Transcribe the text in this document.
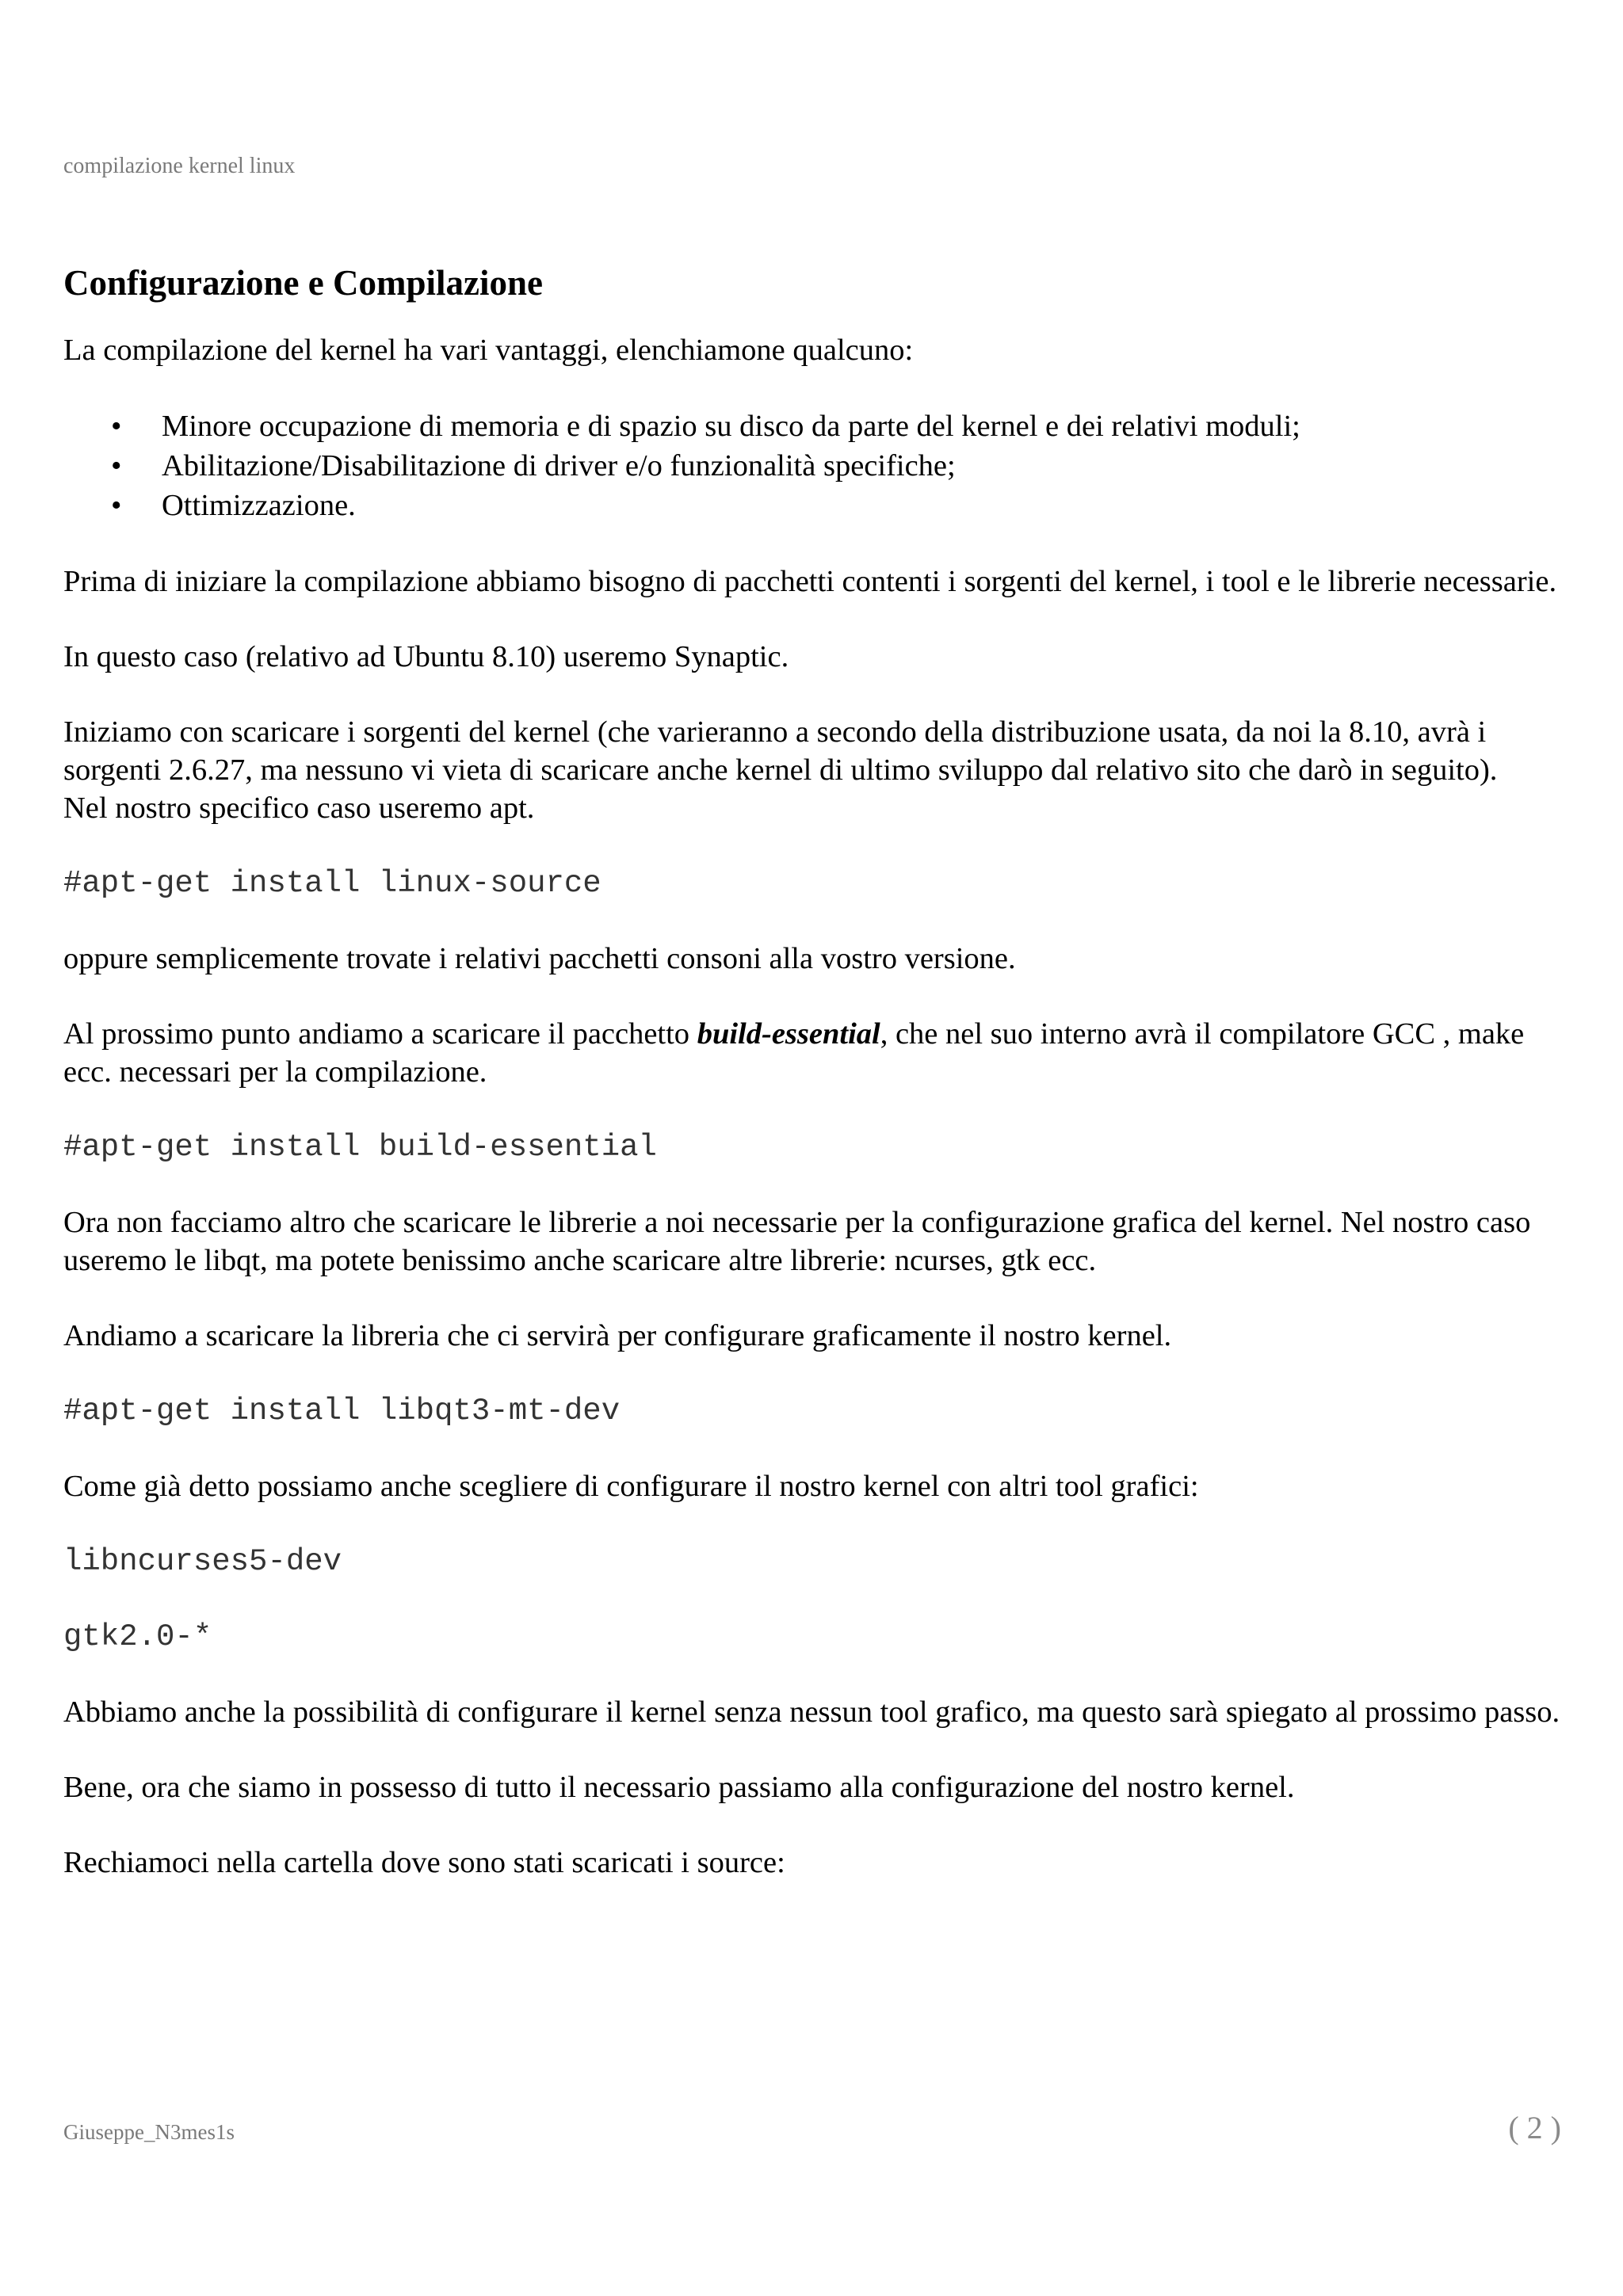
compilazione kernel linux
Configurazione e Compilazione

La compilazione del kernel ha vari vantaggi, elenchiamone qualcuno:

• Minore occupazione di memoria e di spazio su disco da parte del kernel e dei relativi moduli;
• Abilitazione/Disabilitazione di driver e/o funzionalità specifiche;
• Ottimizzazione.

Prima di iniziare la compilazione abbiamo bisogno di pacchetti contenti i sorgenti del kernel, i tool e le librerie necessarie.

In questo caso (relativo ad Ubuntu 8.10) useremo Synaptic.

Iniziamo con scaricare i sorgenti del kernel (che varieranno a secondo della distribuzione usata, da noi la 8.10, avrà i sorgenti 2.6.27, ma nessuno vi vieta di scaricare anche kernel di ultimo sviluppo dal relativo sito che darò in seguito).

Nel nostro specifico caso useremo apt.

#apt-get install linux-source

oppure semplicemente trovate i relativi pacchetti consoni alla vostro versione.

Al prossimo punto andiamo a scaricare il pacchetto build-essential, che nel suo interno avrà il compilatore GCC , make ecc. necessari per la compilazione.

#apt-get install build-essential

Ora non facciamo altro che scaricare le librerie a noi necessarie per la configurazione grafica del kernel. Nel nostro caso useremo le libqt, ma potete benissimo anche scaricare altre librerie: ncurses, gtk ecc.

Andiamo a scaricare la libreria che ci servirà per configurare graficamente il nostro kernel.

#apt-get install libqt3-mt-dev

Come già detto possiamo anche scegliere di configurare il nostro kernel con altri tool grafici:

libncurses5-dev
gtk2.0-*

Abbiamo anche la possibilità di configurare il kernel senza nessun tool grafico, ma questo sarà spiegato al prossimo passo.

Bene, ora che siamo in possesso di tutto il necessario passiamo alla configurazione del nostro kernel.

Rechiamoci nella cartella dove sono stati scaricati i source:

Giuseppe_N3mes1s	( 2 )
